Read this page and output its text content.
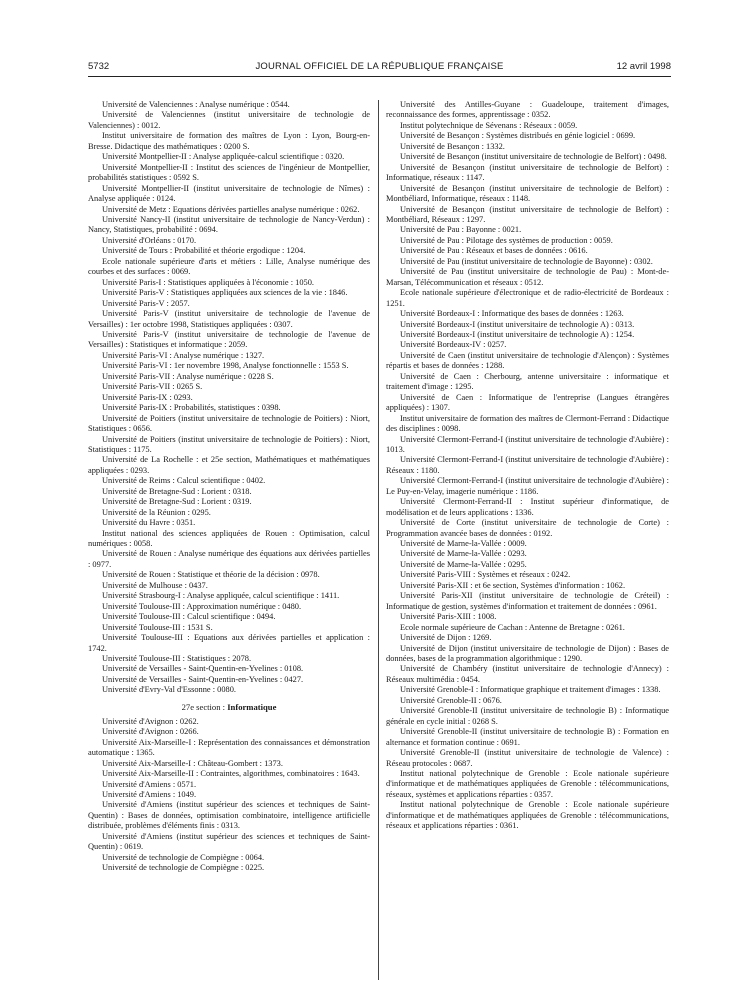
5732	JOURNAL OFFICIEL DE LA RÉPUBLIQUE FRANÇAISE	12 avril 1998

Université de Valenciennes : Analyse numérique : 0544.

Université de Valenciennes (institut universitaire de technologie de Valenciennes) : 0012.

Institut universitaire de formation des maîtres de Lyon : Lyon, Bourg-en-Bresse. Didactique des mathématiques : 0200 S.

Université Montpellier-II : Analyse appliquée-calcul scientifique : 0320.

Université Montpellier-II : Institut des sciences de l'ingénieur de Montpellier, probabilités statistiques : 0592 S.

Université Montpellier-II (institut universitaire de technologie de Nîmes) : Analyse appliquée : 0124.

Université de Metz : Equations dérivées partielles analyse numérique : 0262.

Université Nancy-II (institut universitaire de technologie de Nancy-Verdun) : Nancy, Statistiques, probabilité : 0694.

Université d'Orléans : 0170.

Université de Tours : Probabilité et théorie ergodique : 1204.

Ecole nationale supérieure d'arts et métiers : Lille, Analyse numérique des courbes et des surfaces : 0069.

Université Paris-I : Statistiques appliquées à l'économie : 1050.

Université Paris-V : Statistiques appliquées aux sciences de la vie : 1846.

Université Paris-V : 2057.

Université Paris-V (institut universitaire de technologie de l'avenue de Versailles) : 1er octobre 1998, Statistiques appliquées : 0307.

Université Paris-V (institut universitaire de technologie de l'avenue de Versailles) : Statistiques et informatique : 2059.

Université Paris-VI : Analyse numérique : 1327.

Université Paris-VI : 1er novembre 1998, Analyse fonctionnelle : 1553 S.

Université Paris-VII : Analyse numérique : 0228 S.

Université Paris-VII : 0265 S.

Université Paris-IX : 0293.

Université Paris-IX : Probabilités, statistiques : 0398.

Université de Poitiers (institut universitaire de technologie de Poitiers) : Niort, Statistiques : 0656.

Université de Poitiers (institut universitaire de technologie de Poitiers) : Niort, Statistiques : 1175.

Université de La Rochelle : et 25e section, Mathématiques et mathématiques appliquées : 0293.

Université de Reims : Calcul scientifique : 0402.

Université de Bretagne-Sud : Lorient : 0318.

Université de Bretagne-Sud : Lorient : 0319.

Université de la Réunion : 0295.

Université du Havre : 0351.

Institut national des sciences appliquées de Rouen : Optimisation, calcul numériques : 0058.

Université de Rouen : Analyse numérique des équations aux dérivées partielles : 0977.

Université de Rouen : Statistique et théorie de la décision : 0978.

Université de Mulhouse : 0437.

Université Strasbourg-I : Analyse appliquée, calcul scientifique : 1411.

Université Toulouse-III : Approximation numérique : 0480.

Université Toulouse-III : Calcul scientifique : 0494.

Université Toulouse-III : 1531 S.

Université Toulouse-III : Equations aux dérivées partielles et application : 1742.

Université Toulouse-III : Statistiques : 2078.

Université de Versailles - Saint-Quentin-en-Yvelines : 0108.

Université de Versailles - Saint-Quentin-en-Yvelines : 0427.

Université d'Evry-Val d'Essonne : 0080.

27e section : Informatique

Université d'Avignon : 0262.

Université d'Avignon : 0266.

Université Aix-Marseille-I : Représentation des connaissances et démonstration automatique : 1365.

Université Aix-Marseille-I : Château-Gombert : 1373.

Université Aix-Marseille-II : Contraintes, algorithmes, combinatoires : 1643.

Université d'Amiens : 0571.

Université d'Amiens : 1049.

Université d'Amiens (institut supérieur des sciences et techniques de Saint-Quentin) : Bases de données, optimisation combinatoire, intelligence artificielle distribuée, problèmes d'éléments finis : 0313.

Université d'Amiens (institut supérieur des sciences et techniques de Saint-Quentin) : 0619.

Université de technologie de Compiègne : 0064.

Université de technologie de Compiègne : 0225.

Université des Antilles-Guyane : Guadeloupe, traitement d'images, reconnaissance des formes, apprentissage : 0352.

Institut polytechnique de Sévenans : Réseaux : 0059.

Université de Besançon : Systèmes distribués en génie logiciel : 0699.

Université de Besançon : 1332.

Université de Besançon (institut universitaire de technologie de Belfort) : 0498.

Université de Besançon (institut universitaire de technologie de Belfort) : Informatique, réseaux : 1147.

Université de Besançon (institut universitaire de technologie de Belfort) : Montbéliard, Informatique, réseaux : 1148.

Université de Besançon (institut universitaire de technologie de Belfort) : Montbéliard, Réseaux : 1297.

Université de Pau : Bayonne : 0021.

Université de Pau : Pilotage des systèmes de production : 0059.

Université de Pau : Réseaux et bases de données : 0616.

Université de Pau (institut universitaire de technologie de Bayonne) : 0302.

Université de Pau (institut universitaire de technologie de Pau) : Mont-de-Marsan, Télécommunication et réseaux : 0512.

Ecole nationale supérieure d'électronique et de radio-électricité de Bordeaux : 1251.

Université Bordeaux-I : Informatique des bases de données : 1263.

Université Bordeaux-I (institut universitaire de technologie A) : 0313.

Université Bordeaux-I (institut universitaire de technologie A) : 1254.

Université Bordeaux-IV : 0257.

Université de Caen (institut universitaire de technologie d'Alençon) : Systèmes répartis et bases de données : 1288.

Université de Caen : Cherbourg, antenne universitaire : informatique et traitement d'image : 1295.

Université de Caen : Informatique de l'entreprise (Langues étrangères appliquées) : 1307.

Institut universitaire de formation des maîtres de Clermont-Ferrand : Didactique des disciplines : 0098.

Université Clermont-Ferrand-I (institut universitaire de technologie d'Aubière) : 1013.

Université Clermont-Ferrand-I (institut universitaire de technologie d'Aubière) : Réseaux : 1180.

Université Clermont-Ferrand-I (institut universitaire de technologie d'Aubière) : Le Puy-en-Velay, imagerie numérique : 1186.

Université Clermont-Ferrand-II : Institut supérieur d'informatique, de modélisation et de leurs applications : 1336.

Université de Corte (institut universitaire de technologie de Corte) : Programmation avancée bases de données : 0192.

Université de Marne-la-Vallée : 0009.

Université de Marne-la-Vallée : 0293.

Université de Marne-la-Vallée : 0295.

Université Paris-VIII : Systèmes et réseaux : 0242.

Université Paris-XII : et 6e section, Systèmes d'information : 1062.

Université Paris-XII (institut universitaire de technologie de Créteil) : Informatique de gestion, systèmes d'information et traitement de données : 0961.

Université Paris-XIII : 1008.

Ecole normale supérieure de Cachan : Antenne de Bretagne : 0261.

Université de Dijon : 1269.

Université de Dijon (institut universitaire de technologie de Dijon) : Bases de données, bases de la programmation algorithmique : 1290.

Université de Chambéry (institut universitaire de technologie d'Annecy) : Réseaux multimédia : 0454.

Université Grenoble-I : Informatique graphique et traitement d'images : 1338.

Université Grenoble-II : 0676.

Université Grenoble-II (institut universitaire de technologie B) : Informatique générale en cycle initial : 0268 S.

Université Grenoble-II (institut universitaire de technologie B) : Formation en alternance et formation continue : 0691.

Université Grenoble-II (institut universitaire de technologie de Valence) : Réseau protocoles : 0687.

Institut national polytechnique de Grenoble : Ecole nationale supérieure d'informatique et de mathématiques appliquées de Grenoble : télécommunications, réseaux, systèmes et applications réparties : 0357.

Institut national polytechnique de Grenoble : Ecole nationale supérieure d'informatique et de mathématiques appliquées de Grenoble : télécommunications, réseaux et applications réparties : 0361.
